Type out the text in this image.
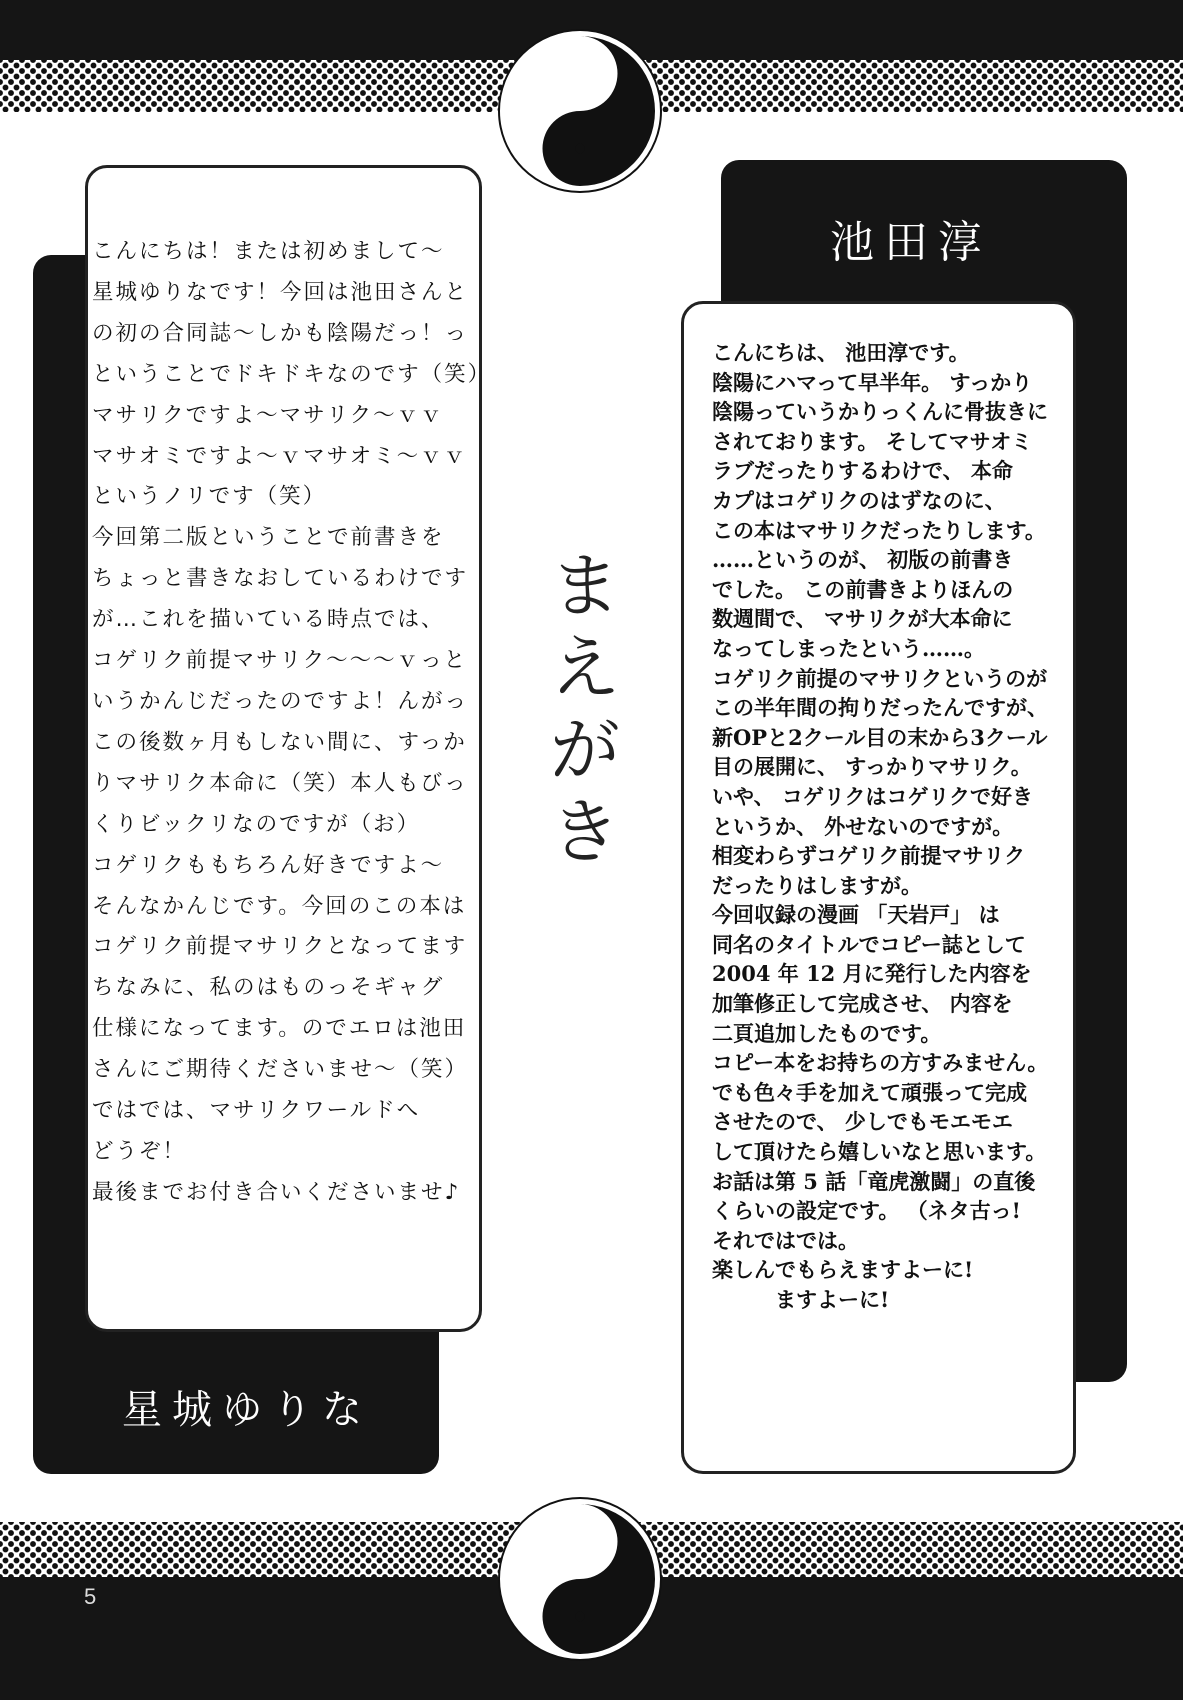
5
星城ゆりな
こんにちは！または初めまして～
星城ゆりなです！今回は池田さんと
の初の合同誌～しかも陰陽だっ！っ
ということでドキドキなのです（笑）
マサリクですよ～マサリク～ｖｖ
マサオミですよ～ｖマサオミ～ｖｖ
というノリです（笑）
今回第二版ということで前書きを
ちょっと書きなおしているわけです
が…これを描いている時点では、
コゲリク前提マサリク～～～ｖっと
いうかんじだったのですよ！んがっ
この後数ヶ月もしない間に、すっか
りマサリク本命に（笑）本人もびっ
くりビックリなのですが（お）
コゲリクももちろん好きですよ～
そんなかんじです。今回のこの本は
コゲリク前提マサリクとなってます
ちなみに、私のはものっそギャグ
仕様になってます。のでエロは池田
さんにご期待くださいませ～（笑）
ではでは、マサリクワールドへ
どうぞ！
最後までお付き合いくださいませ♪
ま
え
が
き
池田淳
こんにちは、 池田淳です。
陰陽にハマって早半年。 すっかり
陰陽っていうかりっくんに骨抜きに
されております。 そしてマサオミ
ラブだったりするわけで、 本命
カプはコゲリクのはずなのに、
この本はマサリクだったりします。
……というのが、 初版の前書き
でした。 この前書きよりほんの
数週間で、 マサリクが大本命に
なってしまったという……。
コゲリク前提のマサリクというのが
この半年間の拘りだったんですが、
新OPと2クール目の末から3クール
目の展開に、 すっかりマサリク。
いや、 コゲリクはコゲリクで好き
というか、 外せないのですが。
相変わらずコゲリク前提マサリク
だったりはしますが。
今回収録の漫画 「天岩戸」 は
同名のタイトルでコピー誌として
2004 年 12 月に発行した内容を
加筆修正して完成させ、 内容を
二頁追加したものです。
コピー本をお持ちの方すみません。
でも色々手を加えて頑張って完成
させたので、 少しでもモエモエ
して頂けたら嬉しいなと思います。
お話は第 5 話「竜虎激闘」の直後
くらいの設定です。 （ネタ古っ!
それではでは。
楽しんでもらえますよーに!
　　　ますよーに!
